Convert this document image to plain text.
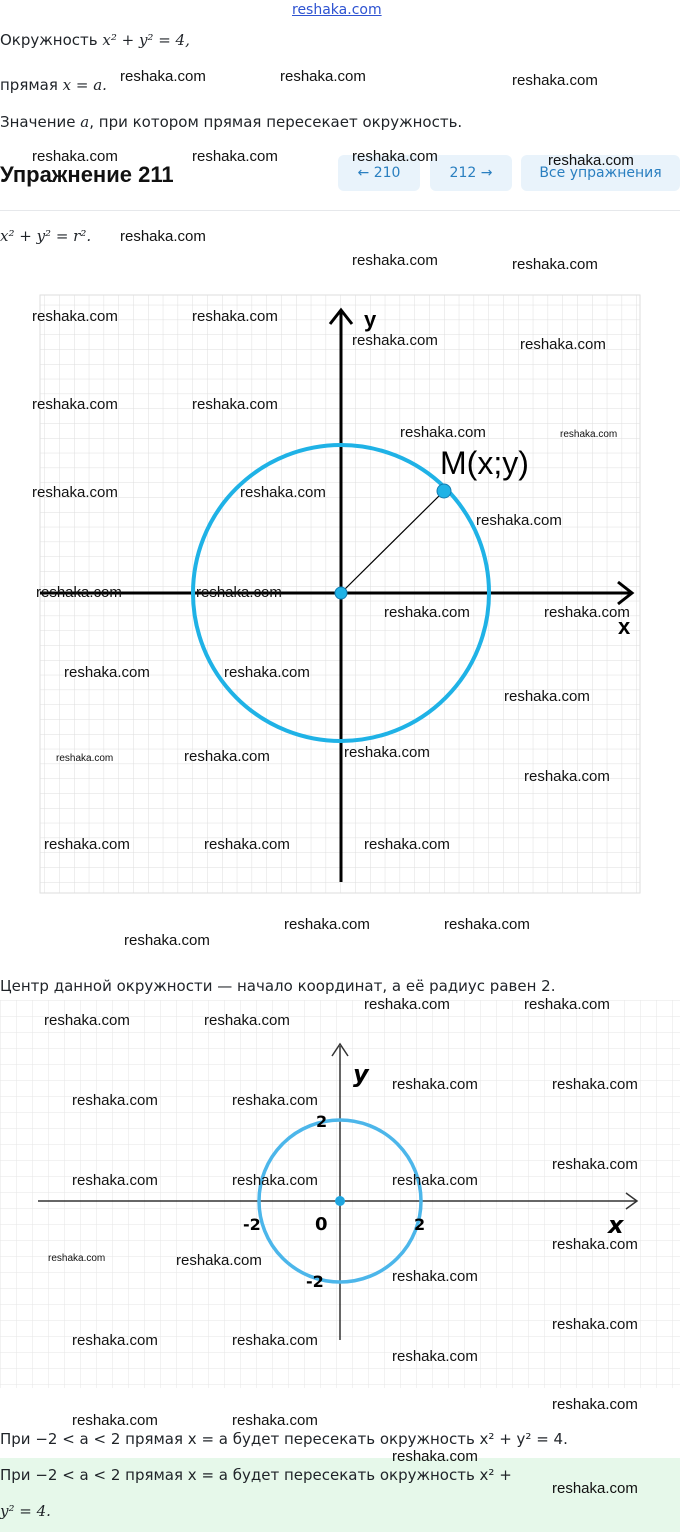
reshaka.com
Окружность x² + y² = 4,
прямая x = a.
Значение a, при котором прямая пересекает окружность.
Упражнение 211	← 210	212 →	Все упражнения
x² + y² = r².
y
x
M(x;y)
Центр данной окружности — начало координат, а её радиус равен 2.
y
x
0	2
-2
2
-2
При −2 < a < 2 прямая x = a будет пересекать окружность x² + y² = 4.
При −2 < a < 2 прямая x = a будет пересекать окружность x² +
y² = 4.
reshaka.com	reshaka.com	reshaka.com
reshaka.com	reshaka.com	reshaka.com	reshaka.com
reshaka.com
reshaka.com	reshaka.com
reshaka.com	reshaka.com
reshaka.com	reshaka.com
reshaka.com	reshaka.com
reshaka.com	reshaka.com
reshaka.com	reshaka.com
reshaka.com
reshaka.com	reshaka.com
reshaka.com	reshaka.com
reshaka.com	reshaka.com
reshaka.com
reshaka.com	reshaka.com	reshaka.com
reshaka.com
reshaka.com	reshaka.com	reshaka.com
reshaka.com	reshaka.com
reshaka.com
reshaka.com	reshaka.com
reshaka.com	reshaka.com
reshaka.com	reshaka.com
reshaka.com	reshaka.com
reshaka.com
reshaka.com	reshaka.com	reshaka.com
reshaka.com
reshaka.com	reshaka.com
reshaka.com
reshaka.com
reshaka.com	reshaka.com
reshaka.com
reshaka.com
reshaka.com	reshaka.com
reshaka.com
reshaka.com
